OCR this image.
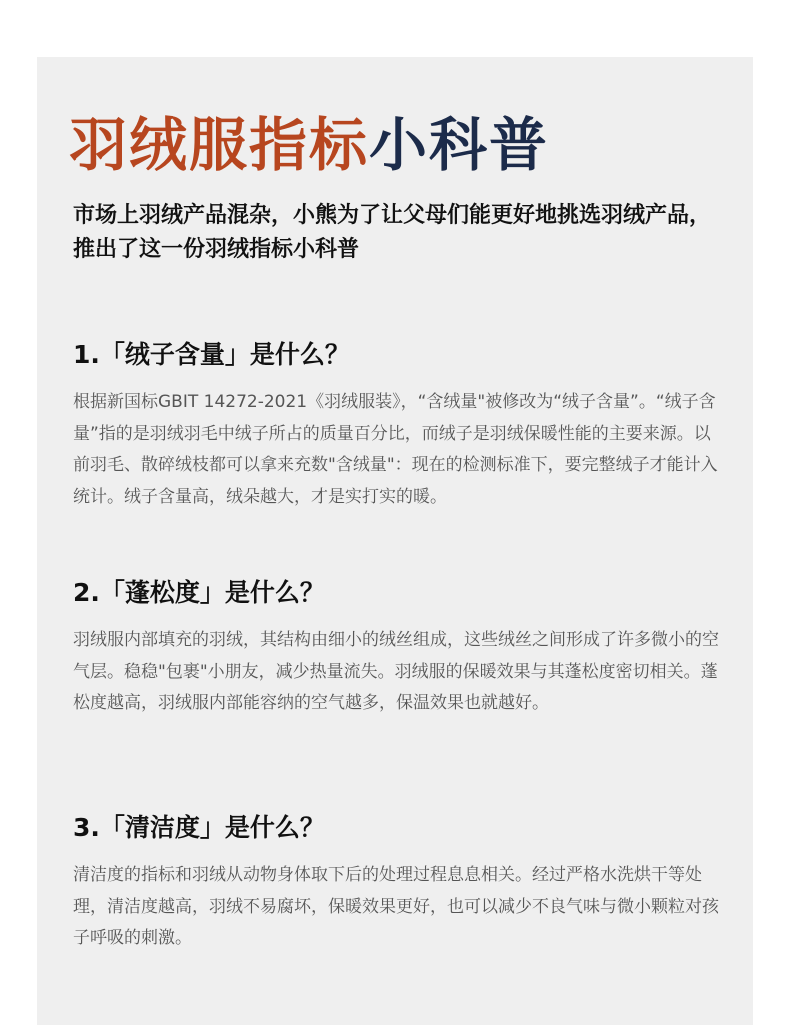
羽绒服指标小科普

市场上羽绒产品混杂，小熊为了让父母们能更好地挑选羽绒产品，推出了这一份羽绒指标小科普

1.「绒子含量」是什么？

根据新国标GBIT 14272-2021《羽绒服装》，“含绒量"被修改为“绒子含量”。“绒子含量”指的是羽绒羽毛中绒子所占的质量百分比，而绒子是羽绒保暖性能的主要来源。以前羽毛、散碎绒枝都可以拿来充数"含绒量"：现在的检测标准下，要完整绒子才能计入统计。绒子含量高，绒朵越大，才是实打实的暖。

2.「蓬松度」是什么？

羽绒服内部填充的羽绒，其结构由细小的绒丝组成，这些绒丝之间形成了许多微小的空气层。稳稳"包裹"小朋友，减少热量流失。羽绒服的保暖效果与其蓬松度密切相关。蓬松度越高，羽绒服内部能容纳的空气越多，保温效果也就越好。

3.「清洁度」是什么？

清洁度的指标和羽绒从动物身体取下后的处理过程息息相关。经过严格水洗烘干等处理，清洁度越高，羽绒不易腐坏，保暖效果更好，也可以减少不良气味与微小颗粒对孩子呼吸的刺激。
